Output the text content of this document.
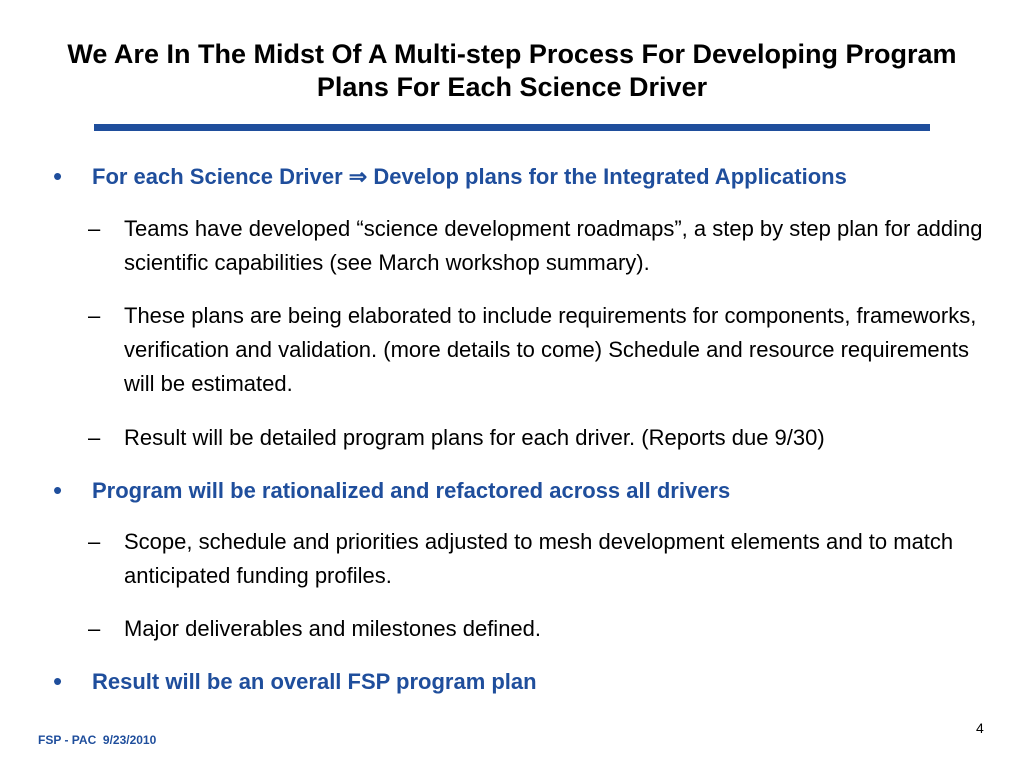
We Are In The Midst Of A Multi-step Process For Developing Program Plans For Each Science Driver
• For each Science Driver ⇒ Develop plans for the Integrated Applications
– Teams have developed “science development roadmaps”, a step by step plan for adding scientific capabilities (see March workshop summary).
– These plans are being elaborated to include requirements for components, frameworks, verification and validation. (more details to come) Schedule and resource requirements will be estimated.
– Result will be detailed program plans for each driver. (Reports due 9/30)
• Program will be rationalized and refactored across all drivers
– Scope, schedule and priorities adjusted to mesh development elements and to match anticipated funding profiles.
– Major deliverables and milestones defined.
• Result will be an overall FSP program plan
FSP - PAC  9/23/2010
4
